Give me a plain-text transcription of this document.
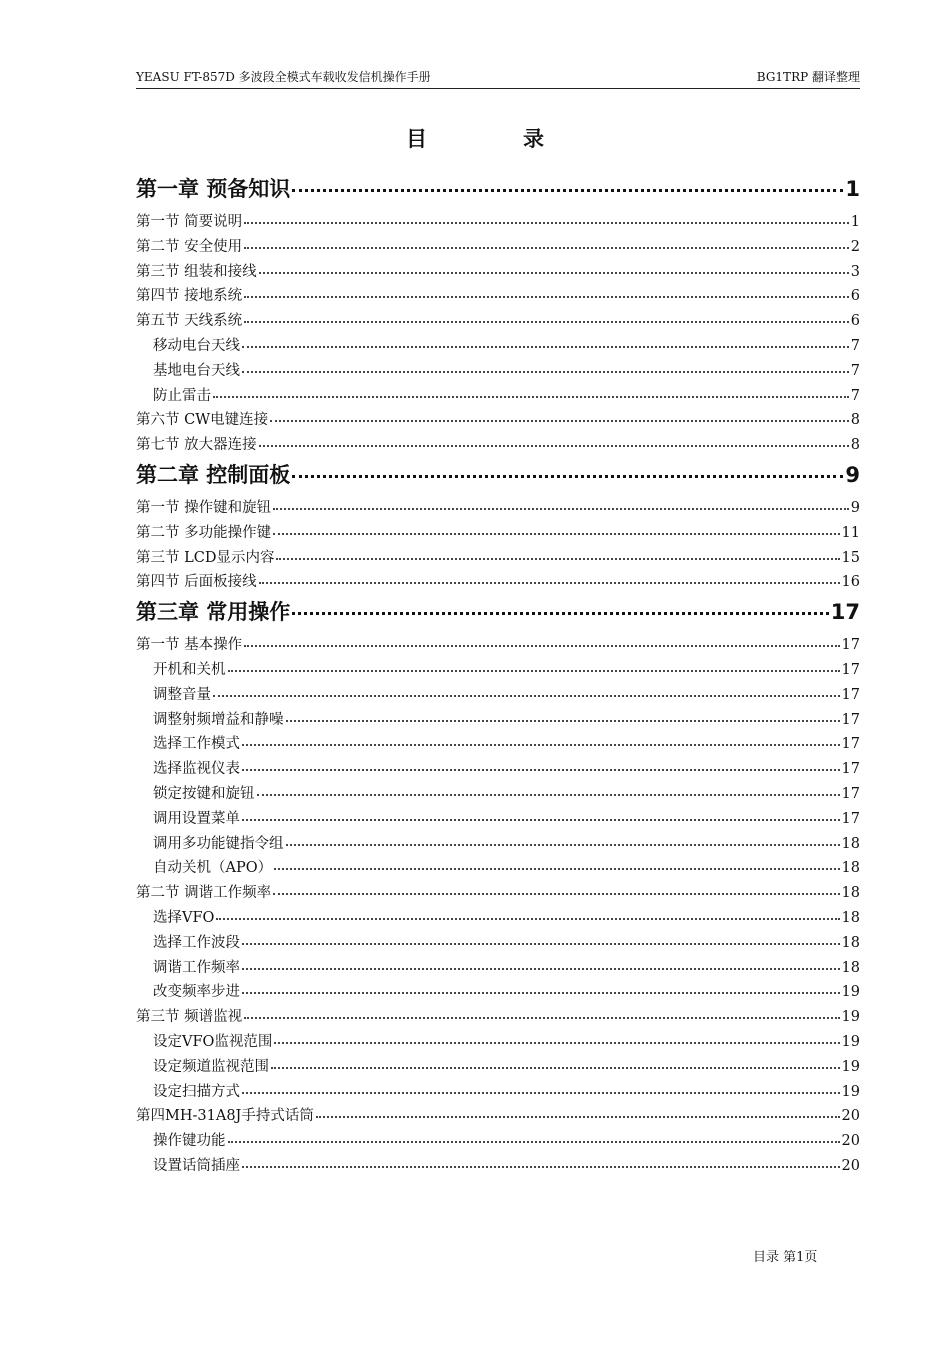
YEASU FT-857D 多波段全模式车载收发信机操作手册	BG1TRP 翻译整理
目录
第一章 预备知识	1
第一节 简要说明	1
第二节 安全使用	2
第三节 组装和接线	3
第四节 接地系统	6
第五节 天线系统	6
移动电台天线	7
基地电台天线	7
防止雷击	7
第六节 CW电键连接	8
第七节 放大器连接	8
第二章 控制面板	9
第一节 操作键和旋钮	9
第二节 多功能操作键	11
第三节 LCD显示内容	15
第四节 后面板接线	16
第三章 常用操作	17
第一节 基本操作	17
开机和关机	17
调整音量	17
调整射频增益和静噪	17
选择工作模式	17
选择监视仪表	17
锁定按键和旋钮	17
调用设置菜单	17
调用多功能键指令组	18
自动关机（APO）	18
第二节 调谐工作频率	18
选择VFO	18
选择工作波段	18
调谐工作频率	18
改变频率步进	19
第三节 频谱监视	19
设定VFO监视范围	19
设定频道监视范围	19
设定扫描方式	19
第四MH-31A8J手持式话筒	20
操作键功能	20
设置话筒插座	20
目录 第1页
